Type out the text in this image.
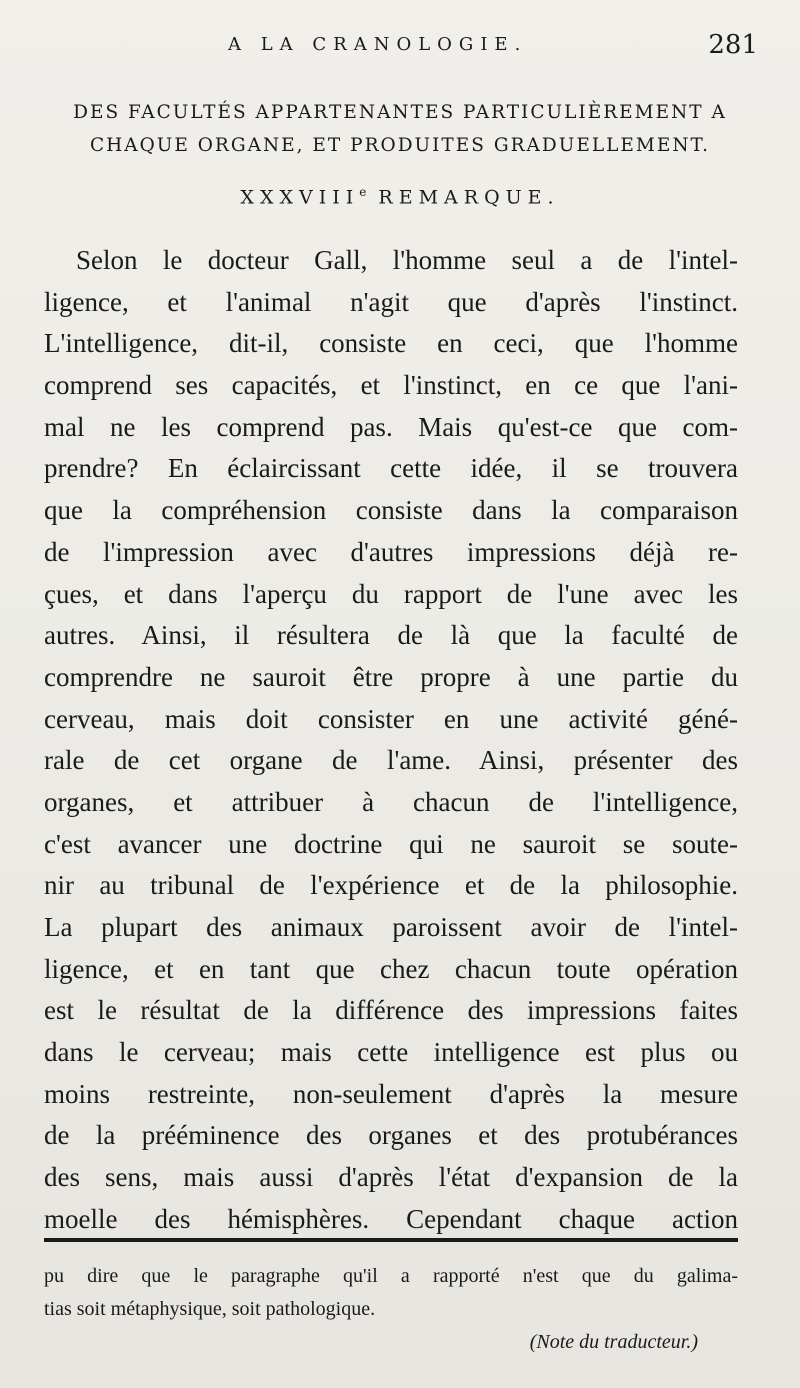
A LA CRANOLOGIE.	281
DES FACULTÉS APPARTENANTES PARTICULIÈREMENT A
CHAQUE ORGANE, ET PRODUITES GRADUELLEMENT.
XXXVIIIe REMARQUE.
Selon le docteur Gall, l'homme seul a de l'intel-
ligence, et l'animal n'agit que d'après l'instinct.
L'intelligence, dit-il, consiste en ceci, que l'homme
comprend ses capacités, et l'instinct, en ce que l'ani-
mal ne les comprend pas. Mais qu'est-ce que com-
prendre? En éclaircissant cette idée, il se trouvera
que la compréhension consiste dans la comparaison
de l'impression avec d'autres impressions déjà re-
çues, et dans l'aperçu du rapport de l'une avec les
autres. Ainsi, il résultera de là que la faculté de
comprendre ne sauroit être propre à une partie du
cerveau, mais doit consister en une activité géné-
rale de cet organe de l'ame. Ainsi, présenter des
organes, et attribuer à chacun de l'intelligence,
c'est avancer une doctrine qui ne sauroit se soute-
nir au tribunal de l'expérience et de la philosophie.
La plupart des animaux paroissent avoir de l'intel-
ligence, et en tant que chez chacun toute opération
est le résultat de la différence des impressions faites
dans le cerveau; mais cette intelligence est plus ou
moins restreinte, non-seulement d'après la mesure
de la prééminence des organes et des protubérances
des sens, mais aussi d'après l'état d'expansion de la
moelle des hémisphères. Cependant chaque action
pu dire que le paragraphe qu'il a rapporté n'est que du galima-
tias soit métaphysique, soit pathologique.
(Note du traducteur.)
